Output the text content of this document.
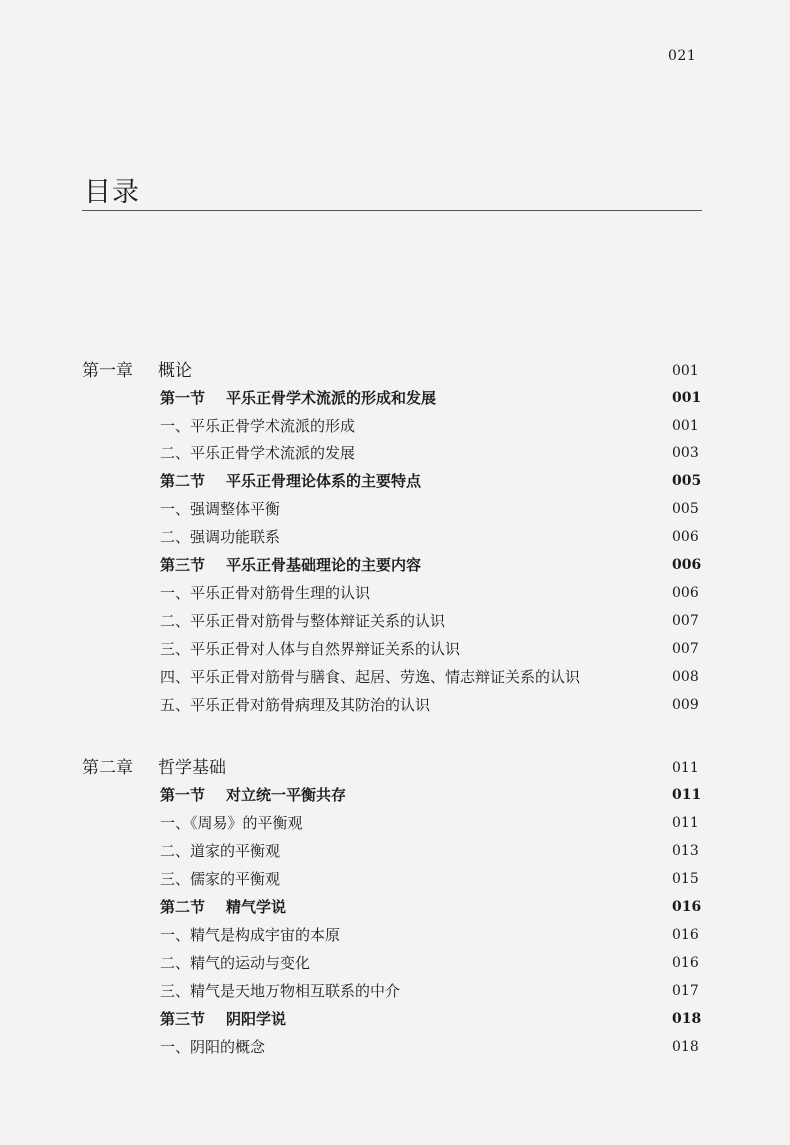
021
目录
第一章 概论	001
第一节 平乐正骨学术流派的形成和发展	001
一、平乐正骨学术流派的形成	001
二、平乐正骨学术流派的发展	003
第二节 平乐正骨理论体系的主要特点	005
一、强调整体平衡	005
二、强调功能联系	006
第三节 平乐正骨基础理论的主要内容	006
一、平乐正骨对筋骨生理的认识	006
二、平乐正骨对筋骨与整体辩证关系的认识	007
三、平乐正骨对人体与自然界辩证关系的认识	007
四、平乐正骨对筋骨与膳食、起居、劳逸、情志辩证关系的认识	008
五、平乐正骨对筋骨病理及其防治的认识	009
第二章 哲学基础	011
第一节 对立统一平衡共存	011
一、《周易》的平衡观	011
二、道家的平衡观	013
三、儒家的平衡观	015
第二节 精气学说	016
一、精气是构成宇宙的本原	016
二、精气的运动与变化	016
三、精气是天地万物相互联系的中介	017
第三节 阴阳学说	018
一、阴阳的概念	018
